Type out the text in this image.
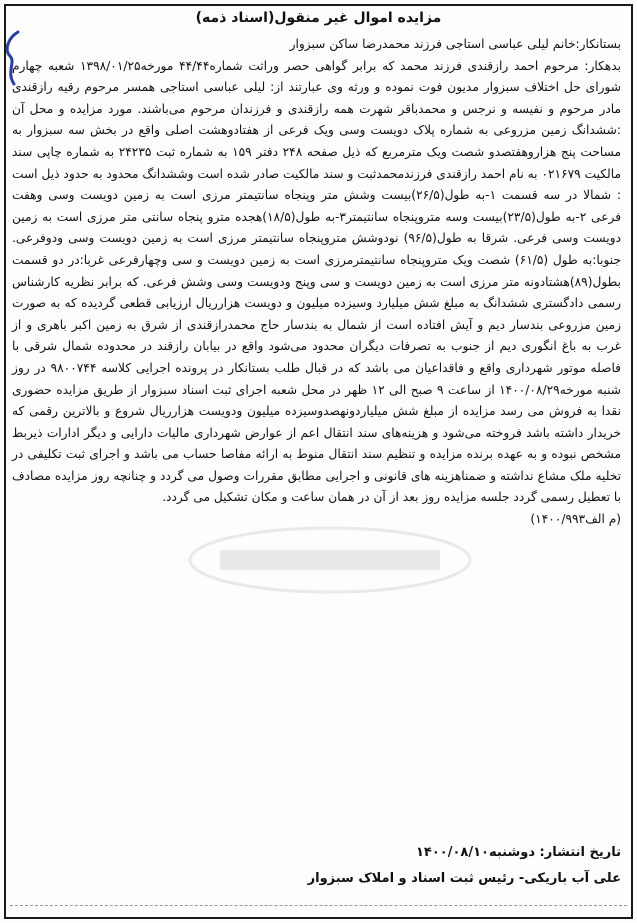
مزایده اموال غیر منقول(اسناد ذمه)

بستانکار:خانم لیلی عباسی استاجی فرزند محمدرضا ساکن سبزوار

بدهکار: مرحوم احمد رازقندی فرزند محمد که برابر گواهی حصر وراثت شماره۴۴/۴۴ مورخه۱۳۹۸/۰۱/۲۵ شعبه چهارم شورای حل اختلاف سبزوار مدیون فوت نموده و ورثه وی عبارتند از: لیلی عباسی استاجی همسر مرحوم رقیه رازقندی مادر مرحوم و نفیسه و نرجس و محمدباقر شهرت همه رازقندی و فرزندان مرحوم می‌باشند. مورد مزایده و محل آن :ششدانگ زمین مزروعی به شماره پلاک دویست وسی ویک فرعی از هفتادوهشت اصلی واقع در بخش سه سبزوار به مساحت پنج هزاروهفتصدو شصت ویک مترمربع که ذیل صفحه ۲۴۸ دفتر ۱۵۹ به شماره ثبت ۲۴۲۳۵ به شماره چاپی سند مالکیت ۰۲۱۶۷۹ به نام احمد رازقندی فرزندمحمدثبت و سند مالکیت صادر شده است وششدانگ محدود به حدود ذیل است : شمالا در سه قسمت ۱-به طول(۲۶/۵)بیست وشش متر وپنجاه سانتیمتر مرزی است به زمین دویست وسی وهفت فرعی ۲-به طول(۲۳/۵)بیست وسه متروپنجاه سانتیمتر۳-به طول(۱۸/۵)هجده مترو پنجاه سانتی متر مرزی است به زمین دویست وسی فرعی. شرقا به طول(۹۶/۵) نودوشش متروپنجاه سانتیمتر مرزی است به زمین دویست وسی ودوفرعی. جنوبا:به طول (۶۱/۵) شصت ویک متروپنجاه سانتیمترمرزی است به زمین دویست و سی وچهارفرعی غربا:در دو قسمت بطول(۸۹)هشتادونه متر مرزی است به زمین دویست و سی وپنج ودویست وسی وشش فرعی. که برابر نظریه کارشناس رسمی دادگستری ششدانگ به مبلغ شش میلیارد وسیزده میلیون و دویست هزارریال ارزیابی قطعی گردیده که به صورت زمین مزروعی بندسار دیم و آیش افتاده است از شمال به بندسار حاج محمدرازقندی از شرق به زمین اکبر باهری و از غرب به باغ انگوری دیم از جنوب به تصرفات دیگران محدود می‌شود واقع در بیابان رازقند در محدوده شمال شرقی با فاصله موتور شهرداری واقع و فاقداعیان می باشد که در قبال طلب بستانکار در پرونده اجرایی کلاسه ۹۸۰۰۷۴۴ در روز شنبه مورخه۱۴۰۰/۰۸/۲۹ از ساعت ۹ صبح الی ۱۲ ظهر در محل شعبه اجرای ثبت اسناد سبزوار از طریق مزایده حضوری نقدا به فروش می رسد مزایده از مبلغ شش میلیاردونهصدوسیزده میلیون ودویست هزارریال شروع و بالاترین رقمی که خریدار داشته باشد فروخته می‌شود و هزینه‌های سند انتقال اعم از عوارض شهرداری مالیات دارایی و دیگر ادارات ذیربط مشخص نبوده و به عهده برنده مزایده و تنظیم سند انتقال منوط به ارائه مفاصا حساب می باشد و اجرای ثبت تکلیفی در تخلیه ملک مشاع نداشته و ضمناهزینه های قانونی و اجرایی مطابق مقررات وصول می گردد و چنانچه روز مزایده مصادف با تعطیل رسمی گردد جلسه مزایده روز بعد از آن در همان ساعت و مکان تشکیل می گردد.

(م الف۱۴۰۰/۹۹۳)

تاریخ انتشار: دوشنبه۱۴۰۰/۰۸/۱۰
علی آب باریکی- رئیس ثبت اسناد و املاک سبزوار
